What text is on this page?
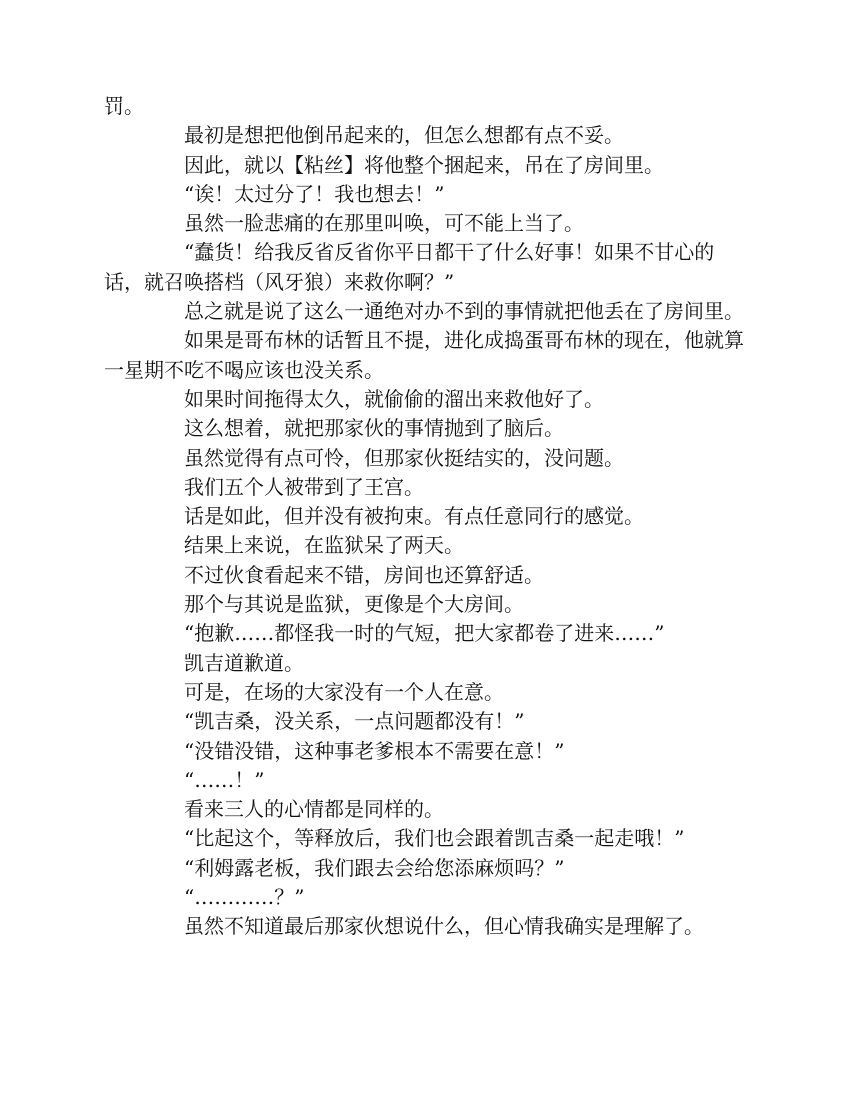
罚。

最初是想把他倒吊起来的，但怎么想都有点不妥。

因此，就以【粘丝】将他整个捆起来，吊在了房间里。

“诶！太过分了！我也想去！”

虽然一脸悲痛的在那里叫唤，可不能上当了。

“蠢货！给我反省反省你平日都干了什么好事！如果不甘心的话，就召唤搭档（风牙狼）来救你啊？”

总之就是说了这么一通绝对办不到的事情就把他丢在了房间里。

如果是哥布林的话暂且不提，进化成捣蛋哥布林的现在，他就算一星期不吃不喝应该也没关系。

如果时间拖得太久，就偷偷的溜出来救他好了。

这么想着，就把那家伙的事情抛到了脑后。

虽然觉得有点可怜，但那家伙挺结实的，没问题。

我们五个人被带到了王宫。

话是如此，但并没有被拘束。有点任意同行的感觉。

结果上来说，在监狱呆了两天。

不过伙食看起来不错，房间也还算舒适。

那个与其说是监狱，更像是个大房间。

“抱歉……都怪我一时的气短，把大家都卷了进来……”

凯吉道歉道。

可是，在场的大家没有一个人在意。

“凯吉桑，没关系，一点问题都没有！”

“没错没错，这种事老爹根本不需要在意！”

“……！”

看来三人的心情都是同样的。

“比起这个，等释放后，我们也会跟着凯吉桑一起走哦！”

“利姆露老板，我们跟去会给您添麻烦吗？”

“…………？”

虽然不知道最后那家伙想说什么，但心情我确实是理解了。
